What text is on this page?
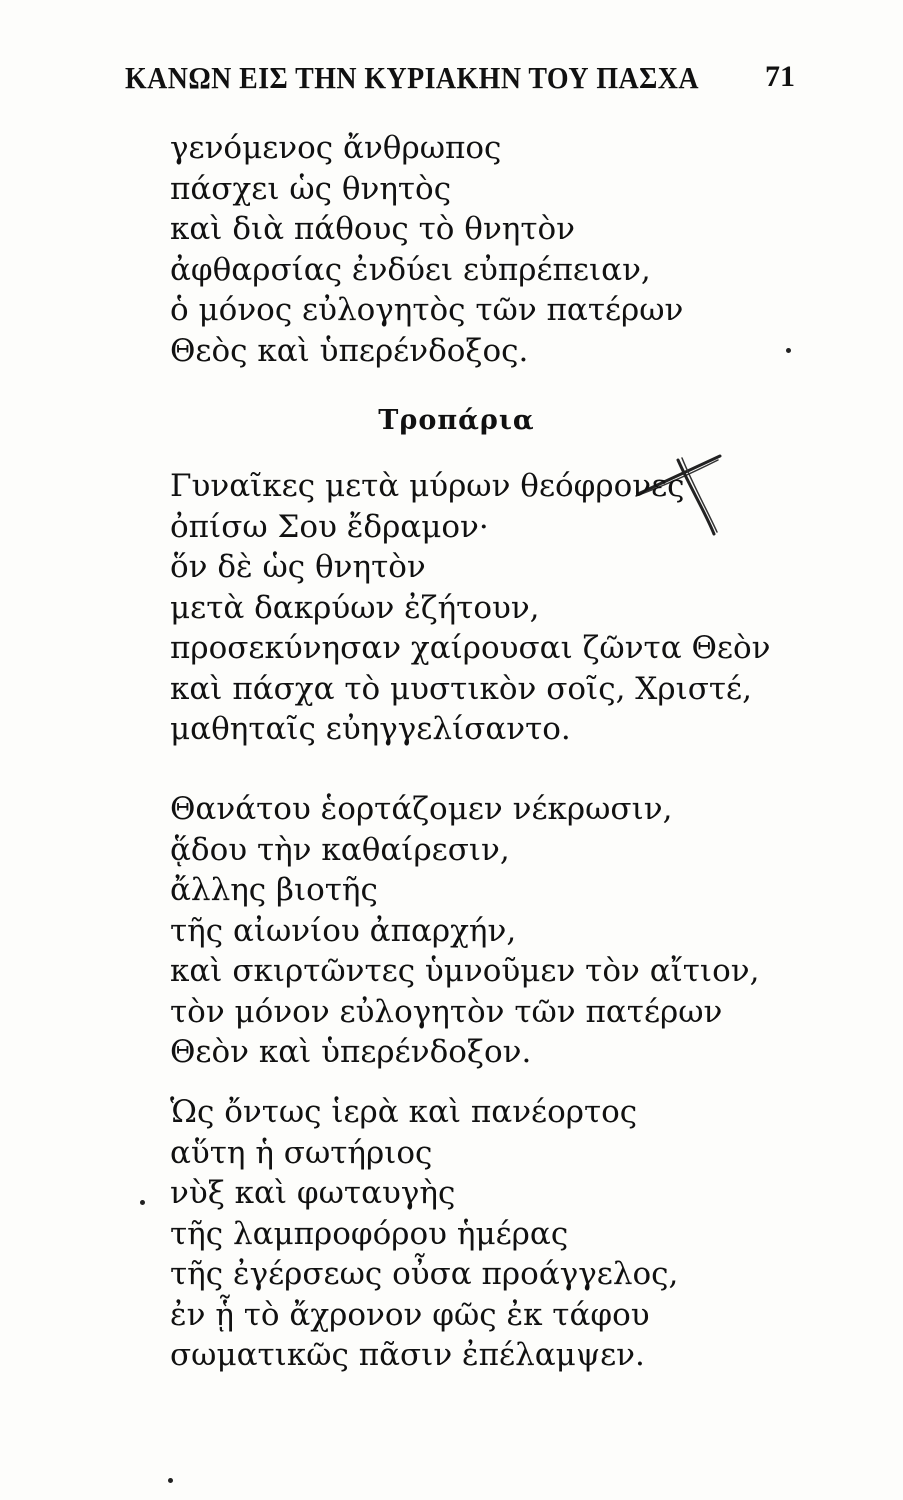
ΚΑΝΩΝ ΕΙΣ ΤΗΝ ΚΥΡΙΑΚΗΝ ΤΟΥ ΠΑΣΧΑ 71
γενόμενος ἄνθρωπος
πάσχει ὡς θνητὸς
καὶ διὰ πάθους τὸ θνητὸν
ἀφθαρσίας ἐνδύει εὐπρέπειαν,
ὁ μόνος εὐλογητὸς τῶν πατέρων
Θεὸς καὶ ὑπερένδοξος.
Τροπάρια
Γυναῖκες μετὰ μύρων θεόφρονες
ὀπίσω Σου ἔδραμον·
ὅν δὲ ὡς θνητὸν
μετὰ δακρύων ἐζήτουν,
προσεκύνησαν χαίρουσαι ζῶντα Θεὸν
καὶ πάσχα τὸ μυστικὸν σοῖς, Χριστέ,
μαθηταῖς εὐηγγελίσαντο.
Θανάτου ἑορτάζομεν νέκρωσιν,
ᾅδου τὴν καθαίρεσιν,
ἄλλης βιοτῆς
τῆς αἰωνίου ἀπαρχήν,
καὶ σκιρτῶντες ὑμνοῦμεν τὸν αἴτιον,
τὸν μόνον εὐλογητὸν τῶν πατέρων
Θεὸν καὶ ὑπερένδοξον.
Ὡς ὄντως ἱερὰ καὶ πανέορτος
αὕτη ἡ σωτήριος
νὺξ καὶ φωταυγὴς
τῆς λαμπροφόρου ἡμέρας
τῆς ἐγέρσεως οὖσα προάγγελος,
ἐν ᾗ τὸ ἄχρονον φῶς ἐκ τάφου
σωματικῶς πᾶσιν ἐπέλαμψεν.
